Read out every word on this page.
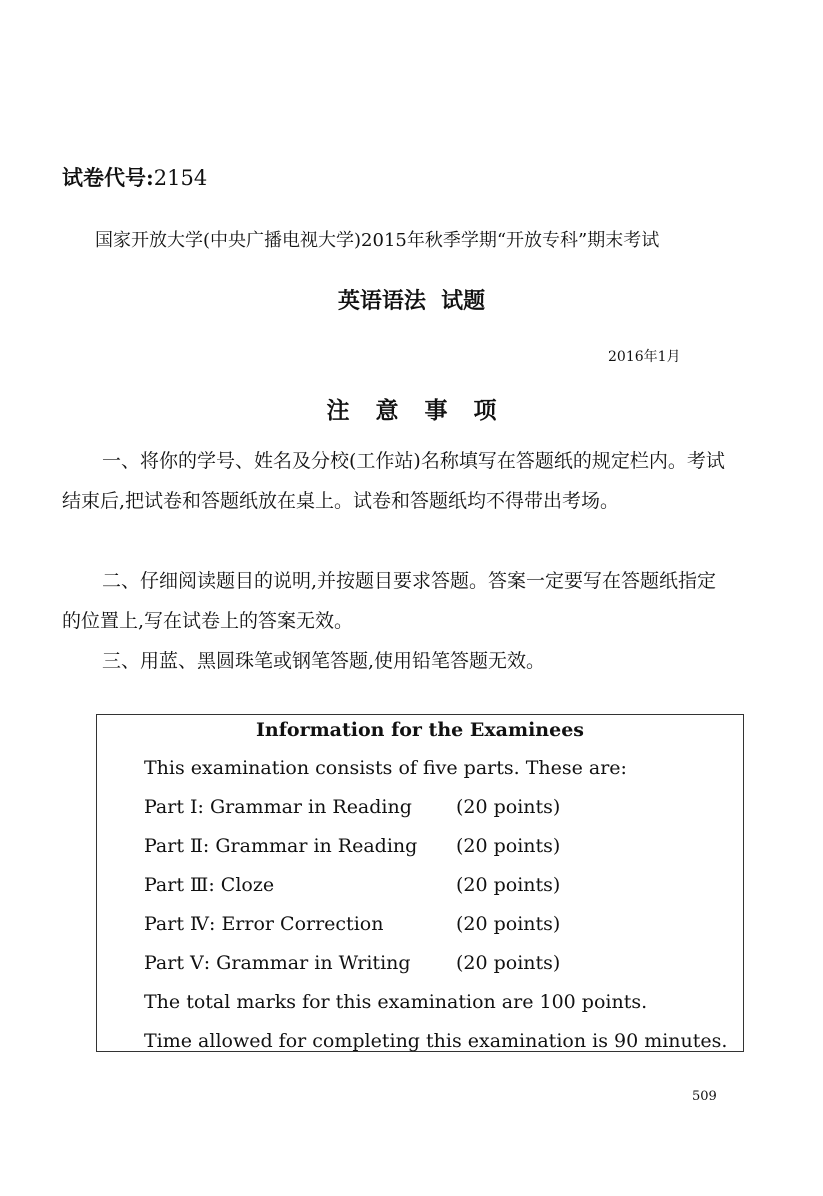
试卷代号:2154
国家开放大学(中央广播电视大学)2015年秋季学期“开放专科”期末考试
英语语法  试题
2016年1月
注意事项
一、将你的学号、姓名及分校(工作站)名称填写在答题纸的规定栏内。考试结束后,把试卷和答题纸放在桌上。试卷和答题纸均不得带出考场。
二、仔细阅读题目的说明,并按题目要求答题。答案一定要写在答题纸指定的位置上,写在试卷上的答案无效。
三、用蓝、黑圆珠笔或钢笔答题,使用铅笔答题无效。
Information for the Examinees
This examination consists of five parts. These are:
Part Ⅰ: Grammar in Reading (20 points)
Part Ⅱ: Grammar in Reading (20 points)
Part Ⅲ: Cloze	(20 points)
Part Ⅳ: Error Correction	(20 points)
Part Ⅴ: Grammar in Writing (20 points)
The total marks for this examination are 100 points.
Time allowed for completing this examination is 90 minutes.
509
